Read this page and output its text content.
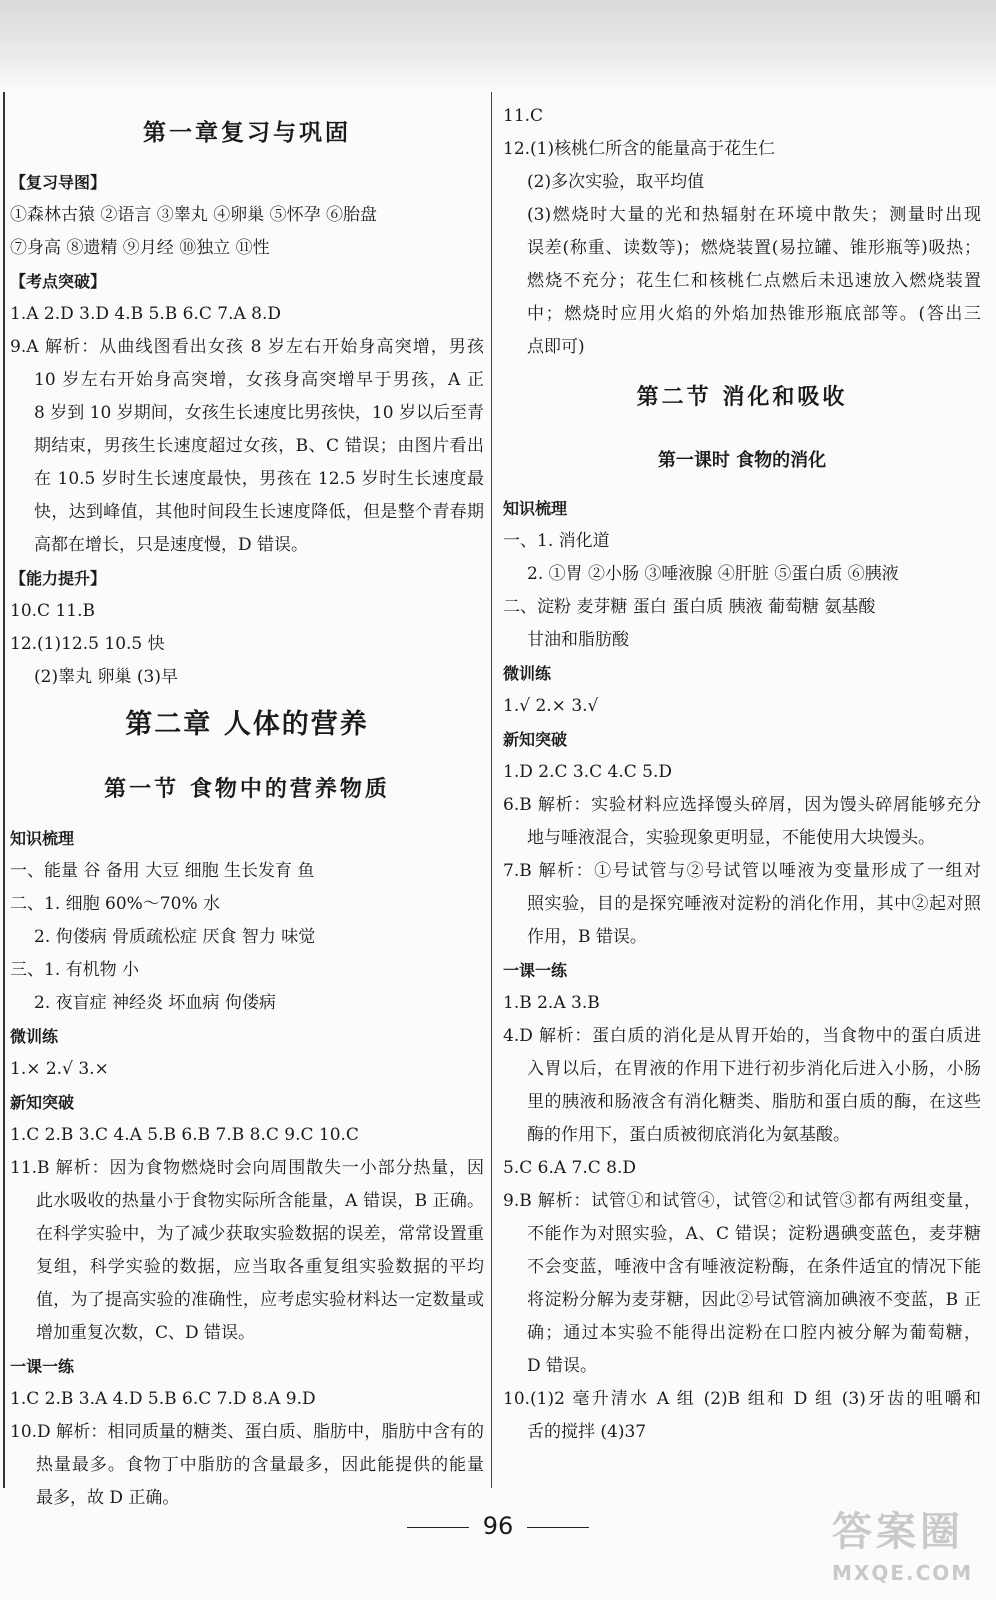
第一章复习与巩固
【复习导图】
①森林古猿 ②语言 ③睾丸 ④卵巢 ⑤怀孕 ⑥胎盘
⑦身高 ⑧遗精 ⑨月经 ⑩独立 ⑪性
【考点突破】
1.A 2.D 3.D 4.B 5.B 6.C 7.A 8.D
9.A 解析：从曲线图看出女孩 8 岁左右开始身高突增，男孩
10 岁左右开始身高突增，女孩身高突增早于男孩，A 正
8 岁到 10 岁期间，女孩生长速度比男孩快，10 岁以后至青
期结束，男孩生长速度超过女孩，B、C 错误；由图片看出
在 10.5 岁时生长速度最快，男孩在 12.5 岁时生长速度最
快，达到峰值，其他时间段生长速度降低，但是整个青春期
高都在增长，只是速度慢，D 错误。
【能力提升】
10.C 11.B
12.(1)12.5 10.5 快
(2)睾丸 卵巢 (3)早
第二章 人体的营养
第一节 食物中的营养物质
知识梳理
一、能量 谷 备用 大豆 细胞 生长发育 鱼
二、1. 细胞 60%～70% 水
2. 佝偻病 骨质疏松症 厌食 智力 味觉
三、1. 有机物 小
2. 夜盲症 神经炎 坏血病 佝偻病
微训练
1.× 2.√ 3.×
新知突破
1.C 2.B 3.C 4.A 5.B 6.B 7.B 8.C 9.C 10.C
11.B 解析：因为食物燃烧时会向周围散失一小部分热量，因
此水吸收的热量小于食物实际所含能量，A 错误，B 正确。
在科学实验中，为了减少获取实验数据的误差，常常设置重
复组，科学实验的数据，应当取各重复组实验数据的平均
值，为了提高实验的准确性，应考虑实验材料达一定数量或
增加重复次数，C、D 错误。
一课一练
1.C 2.B 3.A 4.D 5.B 6.C 7.D 8.A 9.D
10.D 解析：相同质量的糖类、蛋白质、脂肪中，脂肪中含有的
热量最多。食物丁中脂肪的含量最多，因此能提供的能量
最多，故 D 正确。
11.C
12.(1)核桃仁所含的能量高于花生仁
(2)多次实验，取平均值
(3)燃烧时大量的光和热辐射在环境中散失；测量时出现
误差(称重、读数等)；燃烧装置(易拉罐、锥形瓶等)吸热；
燃烧不充分；花生仁和核桃仁点燃后未迅速放入燃烧装置
中；燃烧时应用火焰的外焰加热锥形瓶底部等。(答出三
点即可)
第二节 消化和吸收
第一课时 食物的消化
知识梳理
一、1. 消化道
2. ①胃 ②小肠 ③唾液腺 ④肝脏 ⑤蛋白质 ⑥胰液
二、淀粉 麦芽糖 蛋白 蛋白质 胰液 葡萄糖 氨基酸
甘油和脂肪酸
微训练
1.√ 2.× 3.√
新知突破
1.D 2.C 3.C 4.C 5.D
6.B 解析：实验材料应选择馒头碎屑，因为馒头碎屑能够充分
地与唾液混合，实验现象更明显，不能使用大块馒头。
7.B 解析：①号试管与②号试管以唾液为变量形成了一组对
照实验，目的是探究唾液对淀粉的消化作用，其中②起对照
作用，B 错误。
一课一练
1.B 2.A 3.B
4.D 解析：蛋白质的消化是从胃开始的，当食物中的蛋白质进
入胃以后，在胃液的作用下进行初步消化后进入小肠，小肠
里的胰液和肠液含有消化糖类、脂肪和蛋白质的酶，在这些
酶的作用下，蛋白质被彻底消化为氨基酸。
5.C 6.A 7.C 8.D
9.B 解析：试管①和试管④，试管②和试管③都有两组变量，
不能作为对照实验，A、C 错误；淀粉遇碘变蓝色，麦芽糖
不会变蓝，唾液中含有唾液淀粉酶，在条件适宜的情况下能
将淀粉分解为麦芽糖，因此②号试管滴加碘液不变蓝，B 正
确；通过本实验不能得出淀粉在口腔内被分解为葡萄糖，
D 错误。
10.(1)2 毫升清水 A 组 (2)B 组和 D 组 (3)牙齿的咀嚼和
舌的搅拌 (4)37
96	答案圈
MXQE.COM
